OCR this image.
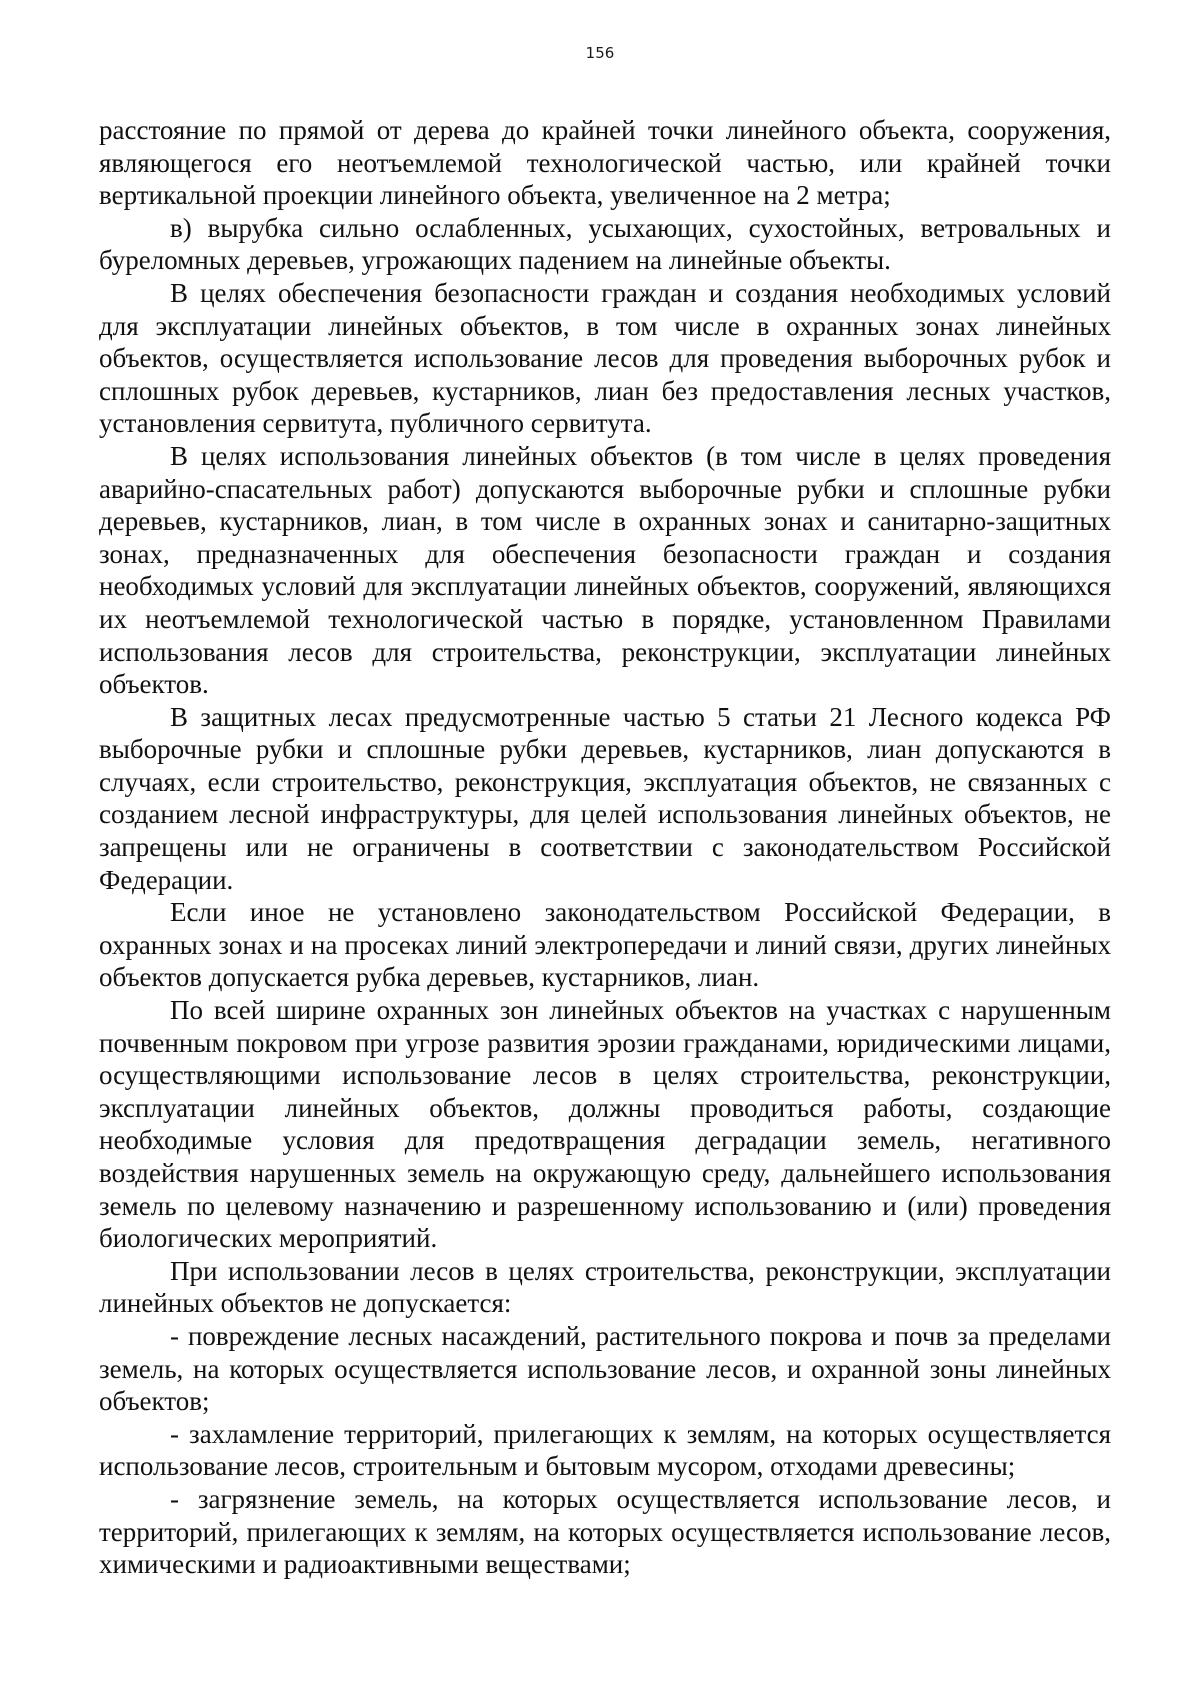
156

расстояние по прямой от дерева до крайней точки линейного объекта, сооружения, являющегося его неотъемлемой технологической частью, или крайней точки вертикальной проекции линейного объекта, увеличенное на 2 метра;

в) вырубка сильно ослабленных, усыхающих, сухостойных, ветровальных и буреломных деревьев, угрожающих падением на линейные объекты.

В целях обеспечения безопасности граждан и создания необходимых условий для эксплуатации линейных объектов, в том числе в охранных зонах линейных объектов, осуществляется использование лесов для проведения выборочных рубок и сплошных рубок деревьев, кустарников, лиан без предоставления лесных участков, установления сервитута, публичного сервитута.

В целях использования линейных объектов (в том числе в целях проведения аварийно-спасательных работ) допускаются выборочные рубки и сплошные рубки деревьев, кустарников, лиан, в том числе в охранных зонах и санитарно-защитных зонах, предназначенных для обеспечения безопасности граждан и создания необходимых условий для эксплуатации линейных объектов, сооружений, являющихся их неотъемлемой технологической частью в порядке, установленном Правилами использования лесов для строительства, реконструкции, эксплуатации линейных объектов.

В защитных лесах предусмотренные частью 5 статьи 21 Лесного кодекса РФ выборочные рубки и сплошные рубки деревьев, кустарников, лиан допускаются в случаях, если строительство, реконструкция, эксплуатация объектов, не связанных с созданием лесной инфраструктуры, для целей использования линейных объектов, не запрещены или не ограничены в соответствии с законодательством Российской Федерации.

Если иное не установлено законодательством Российской Федерации, в охранных зонах и на просеках линий электропередачи и линий связи, других линейных объектов допускается рубка деревьев, кустарников, лиан.

По всей ширине охранных зон линейных объектов на участках с нарушенным почвенным покровом при угрозе развития эрозии гражданами, юридическими лицами, осуществляющими использование лесов в целях строительства, реконструкции, эксплуатации линейных объектов, должны проводиться работы, создающие необходимые условия для предотвращения деградации земель, негативного воздействия нарушенных земель на окружающую среду, дальнейшего использования земель по целевому назначению и разрешенному использованию и (или) проведения биологических мероприятий.

При использовании лесов в целях строительства, реконструкции, эксплуатации линейных объектов не допускается:

- повреждение лесных насаждений, растительного покрова и почв за пределами земель, на которых осуществляется использование лесов, и охранной зоны линейных объектов;

- захламление территорий, прилегающих к землям, на которых осуществляется использование лесов, строительным и бытовым мусором, отходами древесины;

- загрязнение земель, на которых осуществляется использование лесов, и территорий, прилегающих к землям, на которых осуществляется использование лесов, химическими и радиоактивными веществами;
